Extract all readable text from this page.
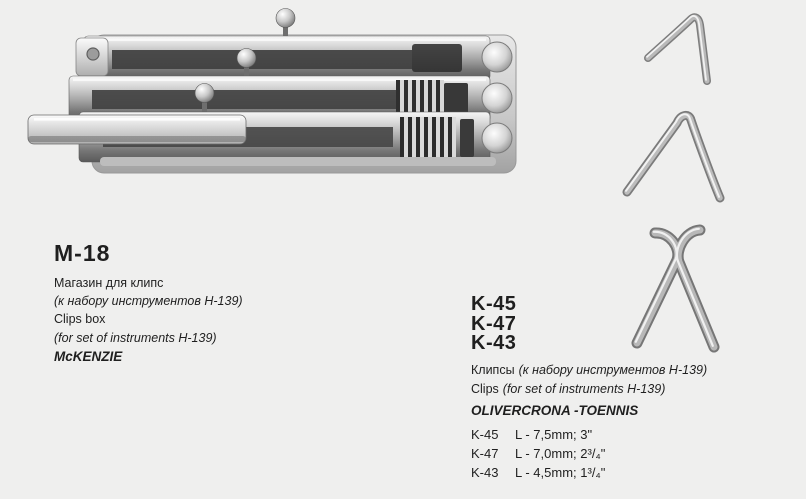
M-18
Магазин для клипс
(к набору инструментов Н-139)
Clips box
(for set of instruments H-139)
McKENZIE
K-45
K-47
K-43
Клипсы (к набору инструментов Н-139)
Clips (for set of instruments H-139)
OLIVERCRONA -TOENNIS
K-45 L - 7,5mm; 3"
K-47 L - 7,0mm; 2³/₄"
K-43 L - 4,5mm; 1³/₄"
